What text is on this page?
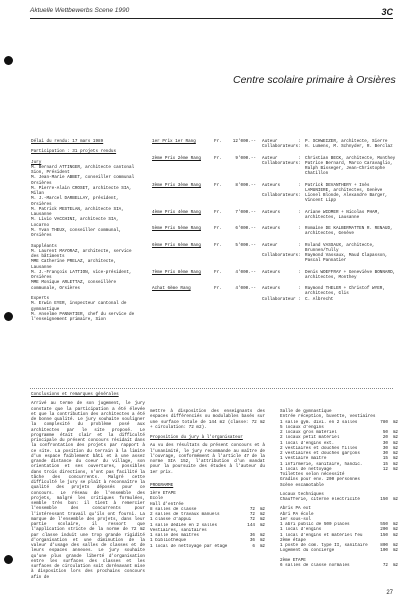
Aktuelle Wettbewerbs Scene 1990	3C
Centre scolaire primaire à Orsières
Délai du rendu: 17 mars 1989
Participation : 31 projets rendus
Jury
M. Bernard ATTINGER, architecte cantonal
Sion, Président
M. Jean-Marie ABBET, conseiller communal
Orsières
M. Pierre-Alain CROSET, architecte SIA,
Milan
M. J.-Marcel DARBELLAY, président,
Orsières
M. Patrick MESTELAN, architecte SIA,
Lausanne
M. Livio VACCHINI, architecte SIA,
Locarno
M. Yvan THEUX, conseiller communal,
Orsières
Suppléants
M. Laurent MAYORAZ, architecte, service
des bâtiments
MME Catherine PRELAZ, architecte,
Lausanne
M. J.-François LATTION, vice-président,
Orsières
MME Monique ARLETTAZ, conseillère
communale, Orsières
Experts
M. Erwin EYER, inspecteur cantonal de
gymnastique
M. Anselme PANNATIER, chef du service de
l'enseignement primaire, Sion
1er Prix 1er Rang	Fr.	12'000.-- Auteur	:	P. SCHWEIZER, architecte, Sierre
Collaborateurs :	H. Lumens, M. Schnyder, R. Berclaz
2ème Prix 2ème Rang	Fr.	9'000.-- Auteur	:	Christian BECK, architecte, Monthey
Collaborateurs :	Patrice Bernard, Marco Caravaglio, Ralph Bisseger, Jean-Christophe Chatillon
3ème Prix 3ème Rang	Fr.	8'000.-- Auteurs	:	Patrick DEVANTHERY + Inès LAMUNIERE, architectes, Genève
Collaborateurs :	Lionel Blonde, Alexandre Barger, Vincent Lipp
4ème Prix 4ème Rang	Fr.	7'000.-- Auteurs	:	Ariane WIDMER + Nicolas PHAM, architectes, Lausanne
5ème Prix 5ème Rang	Fr.	6'000.-- Auteurs	:	Romaine DE KALBERMATTEN R. RENAUD, architectes, Genève
6ème Prix 6ème Rang	Fr.	5'000.-- Auteur	:	Roland VASSAUX, architecte, Brunnen/Tully
Collaborateurs :	Raymond Vassaux, Maud Clapasson, Pascal Pannatier
7ème Prix 8ème Rang	Fr.	4'000.-- Auteurs	:	Denis WOEFFRAY + Geneviève BONNARD, architectes, Monthey
Achat 6ème Rang	Fr.	4'000.-- Auteurs	:	Raymond THELER + Christof WYER, architectes, Glis
Collaborateur :	C. Albrecht
Conclusions et remarques générales
Arrivé au terme de son jugement, le jury constate que la participation a été élevée et que la contribution des architectes a été de bonne qualité. Le jury souhaite souligner la complexité du problème posé aux architectes par le site proposé. Le programme était clair et la difficulté principale du présent concours résidait dans la confrontation des projets par rapport à ce site. La position du terrain à la limite d'un espace faiblement bâti et à une assez grande distance du coeur du village, son orientation et ses ouvertures, possibles dans trois directions, n'ont pas facilité la tâche des concurrents. Malgré cette difficulté le jury se plaît à reconnaître la qualité des projets déposés pour ce concours. Le réseau de l'ensemble des projets, malgré les critiques formulées, semble très bon: il tient à remercier l'ensemble des concurrents pour l'intéressant travail qu'ils ont fourni. La marque de l'ensemble des projets, dans leur partie scolaire, il ressort que l'application stricte de la norme de 72 m2 par classe induit une trop grande rigidité d'organisation et une diminution de la valeur d'usage des salles de classes et de leurs espaces annexes. Le jury souhaite qu'une plus grande liberté d'organisation entre les surfaces des classes et les surfaces de circulation soit dorénavant mise à disposition lors des prochains concours afin de
mettre à disposition des enseignants des espaces différenciés ou modulables basés sur une surface totale de 144 m2 (classe: 72 m2 + circulation: 72 m2).
Proposition du jury à l'organisateur
Au vu des résultats du présent concours et à l'unanimité, le jury recommande au maître de l'ouvrage, conformément à l'article 47 de la norme SIA 152, l'attribution d'un mandat pour la poursuite des études à l'auteur du 1er prix.
PROGRAMME
1ère ETAPE
Ecole
Hall d'entrée
8 salles de classe	72	m2
2 salles de travaux manuels	72	m2
1 classe d'appui	72	m2
1 salle dédiée en 2 salles	144	m2
Vestiaires, sanitaires
1 salle des maîtres	36	m2
1 bibliothèque	36	m2
1 local de nettoyage par étage	6	m2
Salle de gymnastique
Entrée réception, buvette, vestiaires
1 salle gym. divi. en 2 salles	780	m2
5 locaux d'engins
2 locaux gros matériel	50	m2
2 locaux petit matériel	20	m2
1 local d'engins ext.	30	m2
2 vestiaires et douches filles	30	m2
2 vestiaires et douches garçons	30	m2
1 vestiaire maître	15	m2
1 infirmerie, sanitaire, handic.	15	m2
1 local de nettoyage	12	m2
Toilettes selon nécessité
Gradins pour env. 200 personnes
Scène escamotable
Locaux techniques
Chaufferie, citerne électricité	150	m2
Abris PA ext
Abri PA école
1er sous-sol
1 abri public de 500 places	550	m2
1 local d'engins	200	m2
1 local d'engins et matériel feu	150	m2
2ème étape
1 poste de com. type II, sanitaire	800	m2
Logement du concierge	100	m2
2ème ETAPE
6 salles de classe normales	72	m2
27
